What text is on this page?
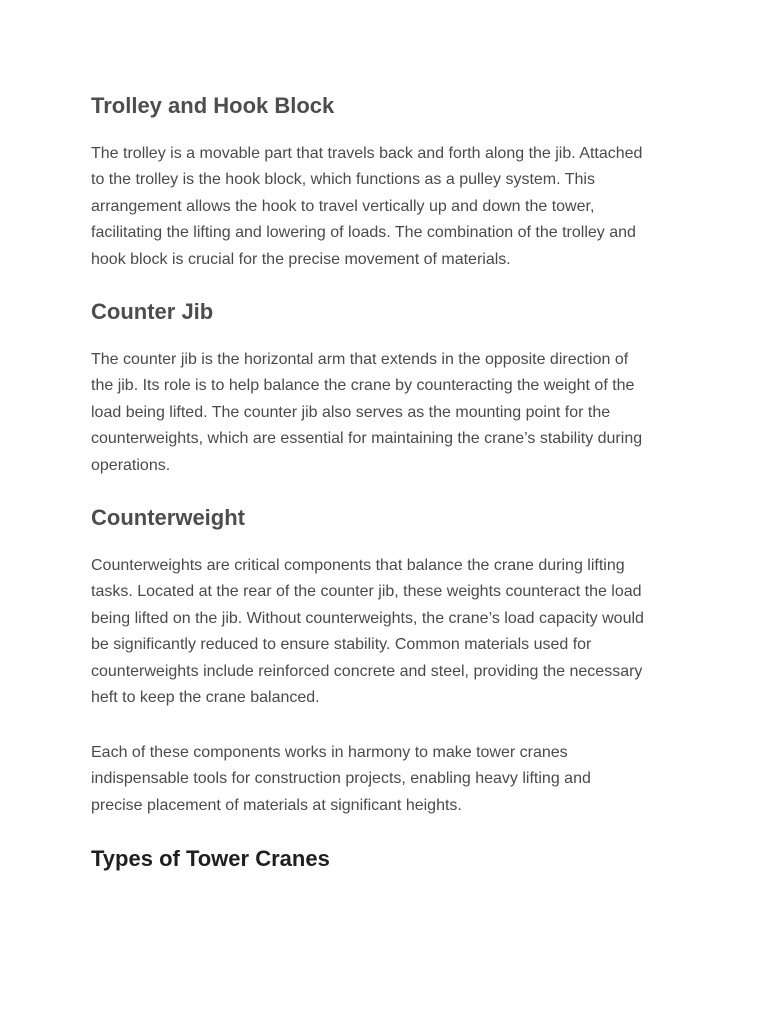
Trolley and Hook Block

The trolley is a movable part that travels back and forth along the jib. Attached
to the trolley is the hook block, which functions as a pulley system. This
arrangement allows the hook to travel vertically up and down the tower,
facilitating the lifting and lowering of loads. The combination of the trolley and
hook block is crucial for the precise movement of materials.

Counter Jib

The counter jib is the horizontal arm that extends in the opposite direction of
the jib. Its role is to help balance the crane by counteracting the weight of the
load being lifted. The counter jib also serves as the mounting point for the
counterweights, which are essential for maintaining the crane’s stability during
operations.

Counterweight

Counterweights are critical components that balance the crane during lifting
tasks. Located at the rear of the counter jib, these weights counteract the load
being lifted on the jib. Without counterweights, the crane’s load capacity would
be significantly reduced to ensure stability. Common materials used for
counterweights include reinforced concrete and steel, providing the necessary
heft to keep the crane balanced.

Each of these components works in harmony to make tower cranes
indispensable tools for construction projects, enabling heavy lifting and
precise placement of materials at significant heights.

Types of Tower Cranes
